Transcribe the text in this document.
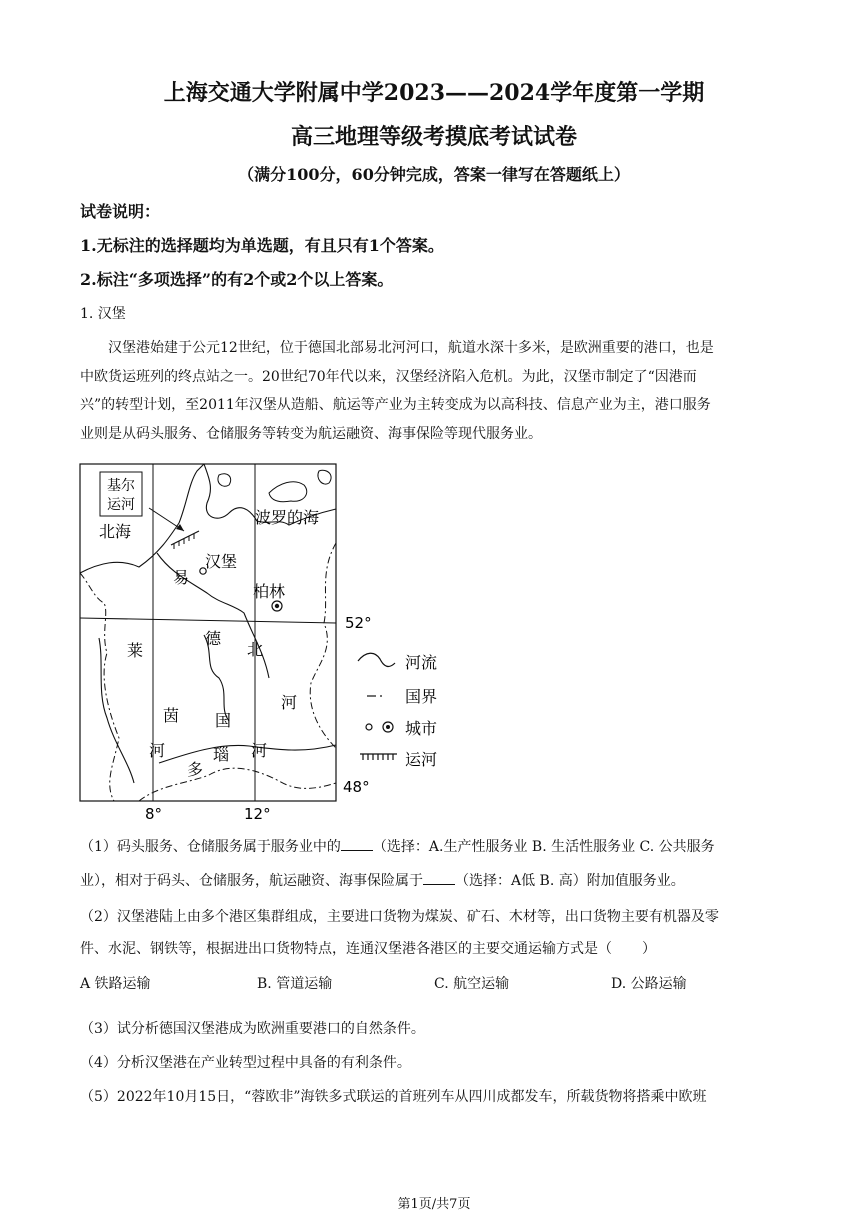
上海交通大学附属中学2023——2024学年度第一学期
高三地理等级考摸底考试试卷
（满分100分，60分钟完成，答案一律写在答题纸上）
试卷说明：
1.无标注的选择题均为单选题，有且只有1个答案。
2.标注“多项选择”的有2个或2个以上答案。
1. 汉堡

汉堡港始建于公元12世纪，位于德国北部易北河河口，航道水深十多米，是欧洲重要的港口，也是

中欧货运班列的终点站之一。20世纪70年代以来，汉堡经济陷入危机。为此，汉堡市制定了“因港而
兴”的转型计划，至2011年汉堡从造船、航运等产业为主转变成为以高科技、信息产业为主，港口服务
业则是从码头服务、仓储服务等转变为航运融资、海事保险等现代服务业。
基尔
运河
北海
波罗的海
汉堡
易
柏林
莱
德
北
河
茵 国
河	瑙 河
多
52°
48°
8°	12°
河流
国界
城市
运河
（1）码头服务、仓储服务属于服务业中的 （选择：A.生产性服务业 B. 生活性服务业 C. 公共服务
业），相对于码头、仓储服务，航运融资、海事保险属于 （选择：A低 B. 高）附加值服务业。
（2）汉堡港陆上由多个港区集群组成，主要进口货物为煤炭、矿石、木材等，出口货物主要有机器及零
件、水泥、钢铁等，根据进出口货物特点，连通汉堡港各港区的主要交通运输方式是（ ）
A 铁路运输	B. 管道运输	C. 航空运输	D. 公路运输
（3）试分析德国汉堡港成为欧洲重要港口的自然条件。
（4）分析汉堡港在产业转型过程中具备的有利条件。
（5）2022年10月15日，“蓉欧非”海铁多式联运的首班列车从四川成都发车，所载货物将搭乘中欧班
第1页/共7页
